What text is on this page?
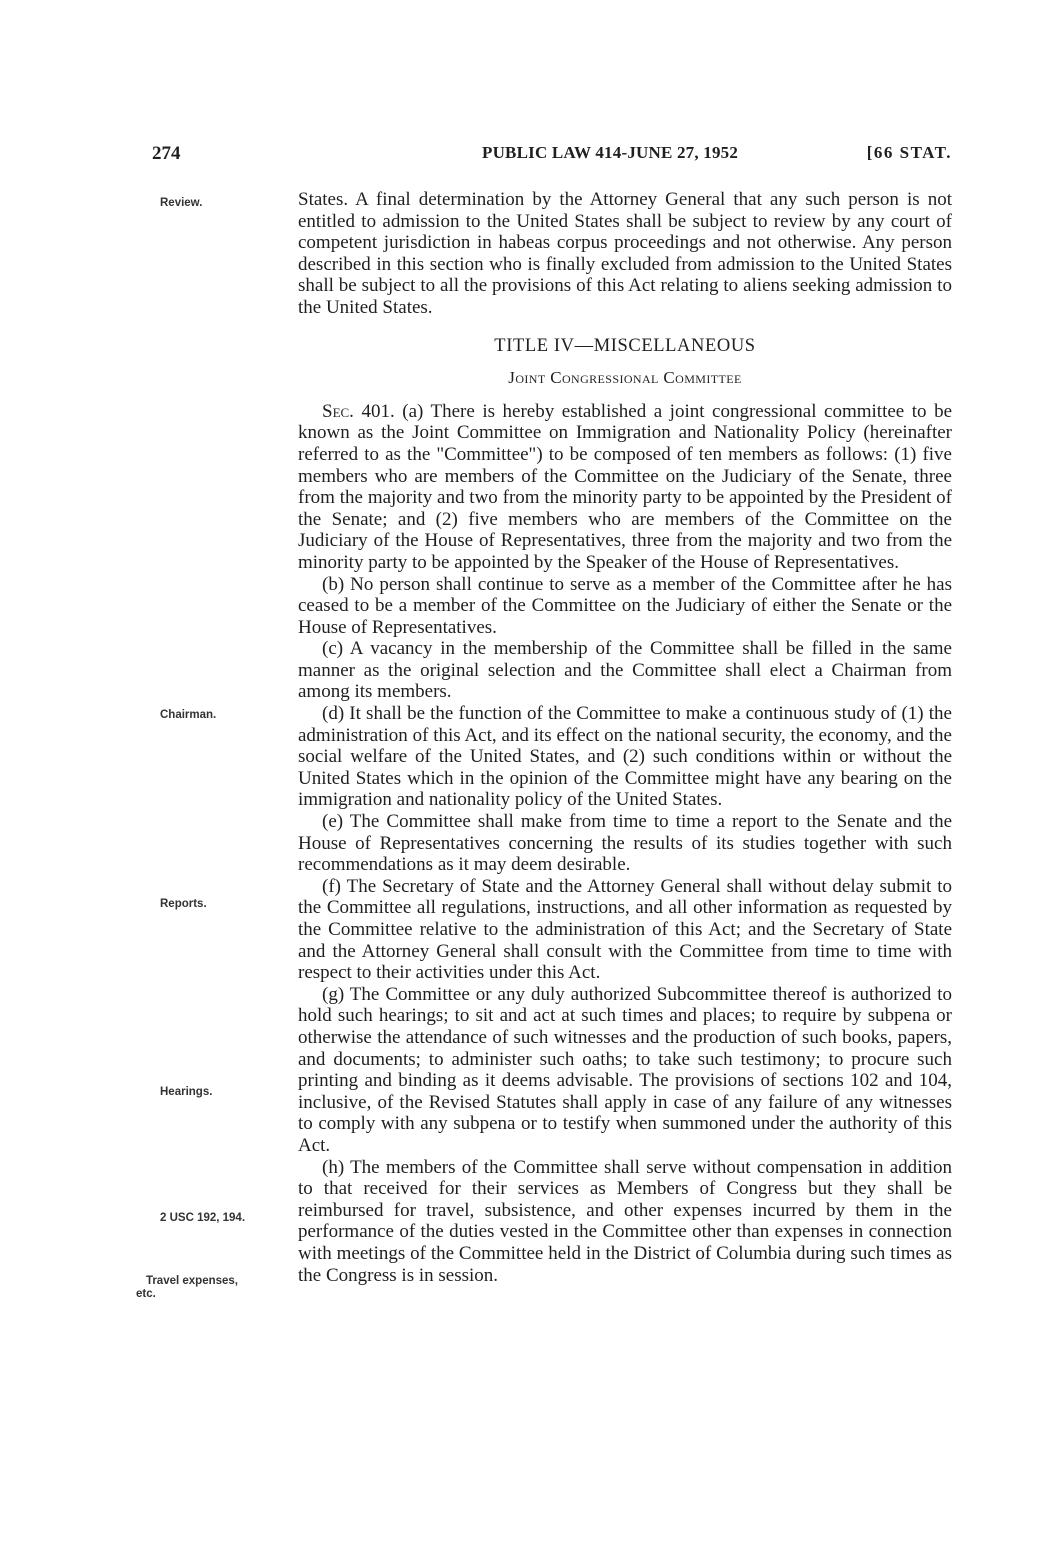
274	PUBLIC LAW 414-JUNE 27, 1952	[66 STAT.
Review.
Chairman.
Reports.
Hearings.
2 USC 192, 194.
Travel expenses,
etc.

States. A final determination by the Attorney General that any such person is not entitled to admission to the United States shall be subject to review by any court of competent jurisdiction in habeas corpus proceedings and not otherwise. Any person described in this section who is finally excluded from admission to the United States shall be subject to all the provisions of this Act relating to aliens seeking admission to the United States.

TITLE IV—MISCELLANEOUS
Joint Congressional Committee

Sec. 401. (a) There is hereby established a joint congressional committee to be known as the Joint Committee on Immigration and Nationality Policy (hereinafter referred to as the "Committee") to be composed of ten members as follows: (1) five members who are members of the Committee on the Judiciary of the Senate, three from the majority and two from the minority party to be appointed by the President of the Senate; and (2) five members who are members of the Committee on the Judiciary of the House of Representatives, three from the majority and two from the minority party to be appointed by the Speaker of the House of Representatives.

(b) No person shall continue to serve as a member of the Committee after he has ceased to be a member of the Committee on the Judiciary of either the Senate or the House of Representatives.

(c) A vacancy in the membership of the Committee shall be filled in the same manner as the original selection and the Committee shall elect a Chairman from among its members.

(d) It shall be the function of the Committee to make a continuous study of (1) the administration of this Act, and its effect on the national security, the economy, and the social welfare of the United States, and (2) such conditions within or without the United States which in the opinion of the Committee might have any bearing on the immigration and nationality policy of the United States.

(e) The Committee shall make from time to time a report to the Senate and the House of Representatives concerning the results of its studies together with such recommendations as it may deem desirable.

(f) The Secretary of State and the Attorney General shall without delay submit to the Committee all regulations, instructions, and all other information as requested by the Committee relative to the administration of this Act; and the Secretary of State and the Attorney General shall consult with the Committee from time to time with respect to their activities under this Act.

(g) The Committee or any duly authorized Subcommittee thereof is authorized to hold such hearings; to sit and act at such times and places; to require by subpena or otherwise the attendance of such witnesses and the production of such books, papers, and documents; to administer such oaths; to take such testimony; to procure such printing and binding as it deems advisable. The provisions of sections 102 and 104, inclusive, of the Revised Statutes shall apply in case of any failure of any witnesses to comply with any subpena or to testify when summoned under the authority of this Act.

(h) The members of the Committee shall serve without compensation in addition to that received for their services as Members of Congress but they shall be reimbursed for travel, subsistence, and other expenses incurred by them in the performance of the duties vested in the Committee other than expenses in connection with meetings of the Committee held in the District of Columbia during such times as the Congress is in session.
